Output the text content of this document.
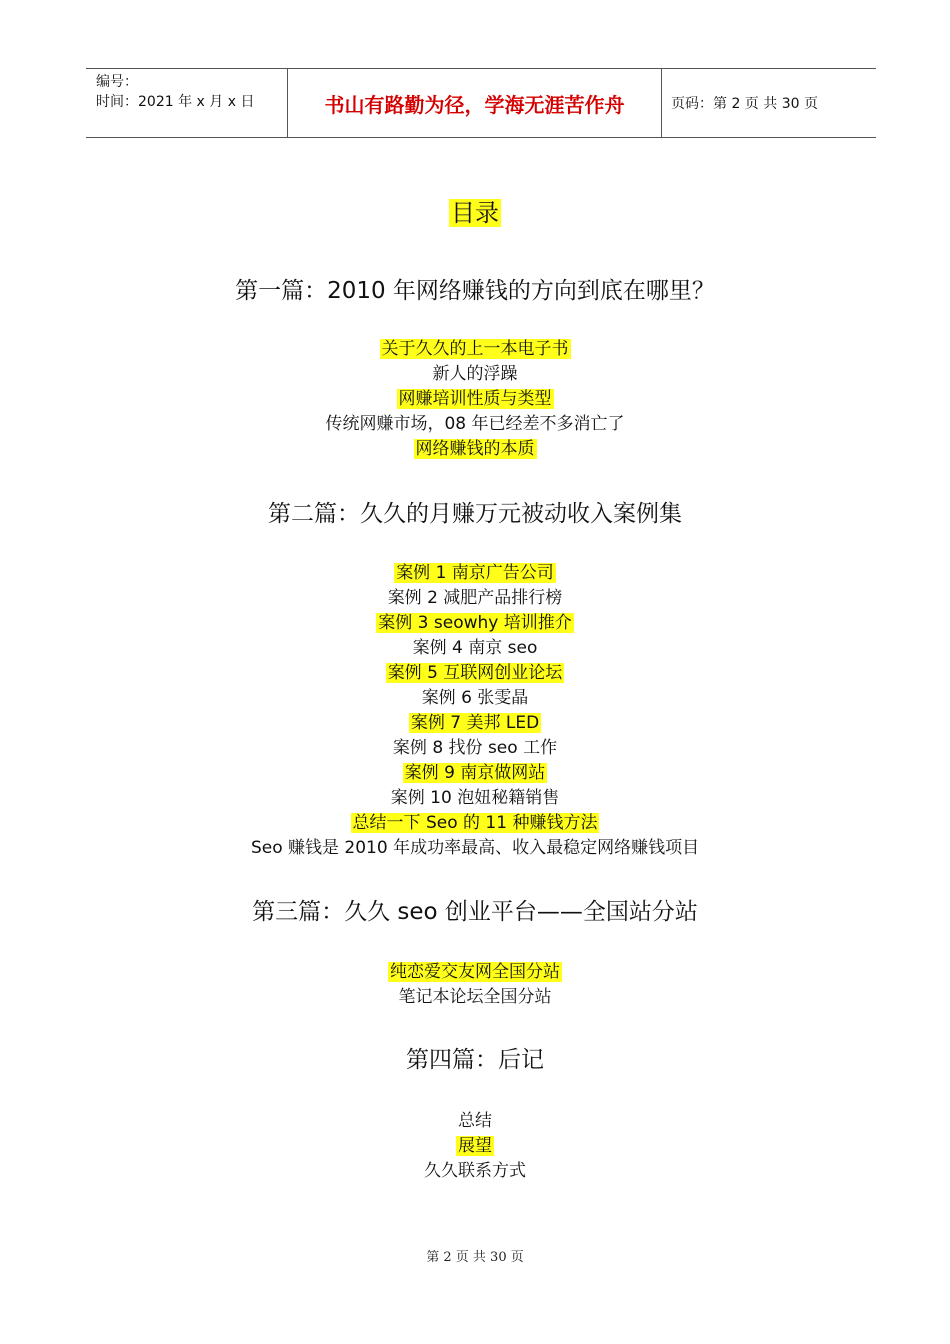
编号：
时间：2021 年 x 月 x 日	书山有路勤为径，学海无涯苦作舟	页码：第 2 页 共 30 页
目录
第一篇：2010 年网络赚钱的方向到底在哪里？
关于久久的上一本电子书
新人的浮躁
网赚培训性质与类型
传统网赚市场，08 年已经差不多消亡了
网络赚钱的本质
第二篇：久久的月赚万元被动收入案例集
案例 1 南京广告公司
案例 2 减肥产品排行榜
案例 3 seowhy 培训推介
案例 4 南京 seo
案例 5 互联网创业论坛
案例 6 张雯晶
案例 7 美邦 LED
案例 8 找份 seo 工作
案例 9 南京做网站
案例 10 泡妞秘籍销售
总结一下 Seo 的 11 种赚钱方法
Seo 赚钱是 2010 年成功率最高、收入最稳定网络赚钱项目
第三篇：久久 seo 创业平台——全国站分站
纯恋爱交友网全国分站
笔记本论坛全国分站
第四篇：后记
总结
展望
久久联系方式
第 2 页 共 30 页
